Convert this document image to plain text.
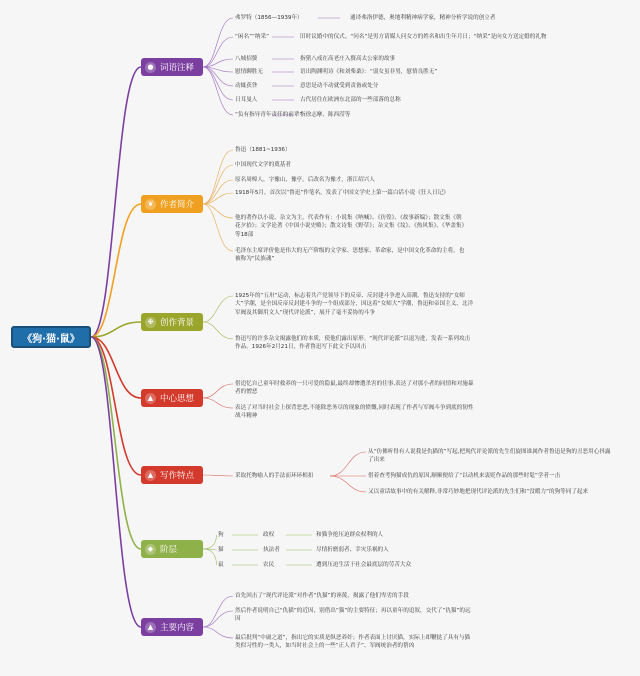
《狗·猫·鼠》
● 词语注释
❦ 作者简介
✤ 创作背景
▲ 中心思想
▲ 写作特点
◆ 阶层
▲ 主要内容
弗罗特（1856—1939年）	通译弗洛伊德，奥地利精神病学家，精神分析学说的创立者
“闲名”“纳采”	旧时议婚中的仪式。“问名”是男方请媒人问女方的姓名和出生年月日；“纳采”是向女方送定婚的礼物
八城招赘	指猪八戒在高老庄入赘高太公家的故事
慰情聊胜无	语出陶渊明诗《和刘柴桑》：“弱女虽非男，慰情良胜无”
动辄获咎	意思是动不动就受到责备或处分
日耳曼人	古代居住在欧洲东北部的一些部落的总称
“负有指导青年责任的前辈”
指徐志摩、陈西滢等
鲁迅（1881~1936）
中国现代文学的奠基者
原名周樟人，字豫山，豫亭，后改名为豫才，浙江绍兴人
1918年5月，首次以“鲁迅”作笔名，发表了中国文学史上第一篇白话小说《狂人日记》
他的著作以小说、杂文为主，代表作有：小说集《呐喊》、《彷徨》、《故事新编》；散文集《朝花夕拾》；文学论著《中国小说史略》；散文诗集《野草》；杂文集《坟》、《热风集》、《华盖集》等18部
毛泽东主席评价他是伟大的无产阶级的文学家、思想家、革命家，是中国文化革命的主将，也被称为“民族魂”
1925年的“五卅”运动，标志着共产党领导下的反帝、反封建斗争进入高潮。鲁迅支持的“女师大”学潮，是全国反帝反封建斗争的一个组成部分，因这着“女师大”学潮，鲁迅和帝国主义、北洋军阀及其御用文人“现代评论派”，展开了毫不妥协的斗争
鲁迅写的许多杂文揭露他们的本质，使他们露出原形。“现代评论派”以退为进，发表一系列攻击作品。1926年2月21日，作者鲁迅写下此文予以回击
借追忆自己童年时救养的一只可爱的隐鼠,最终却惨遭杀害的往事,表达了对那小者的同情和对施暴者的憎恶
表达了对当时社会上探背恶恶,不能除恶务尽的现象的愤慨,同时表现了作者与军阀斗争到底的韧性战斗精神
采取托物喻人的手法而环环相扣
从“仿佛听得有人说我是仇猫的”写起,把现代评论派的先生们旋图谁属作者鲁迅是狗的丑恶用心抖露了出来
借着查考狗猫成仇的原因,顺顺便给了“以动机来衷贬作品的那些时髦”学者一击
又以童话故事中的有关解释,非常巧妙地把现代评论派的先生们和“没暇力”的狗等同了起来
狗	政权	和猫争抢压迫群众权利的人
猫	执法者	尽情折磨弱者、幸灾乐祸的人
鼠	农民	遭到压迫生活于社会最底层的劳苦大众
首先回击了“现代评论派”对作者“仇猫”的诬蔑，揭露了他们卑劣的手段
然后作者说明自己“仇猫”的近因，别借出“猫”的主要特征；再以童年的追叙，交代了“仇猫”的远因
最后批判“中庸之道”，指出它的实质是纵恶养奸；作者表面上讨厌猫，实际上却鞭挞了具有与猫类似习性的一类人，如当时社会上的一些“正人君子”、军阀统治者的帮凶
